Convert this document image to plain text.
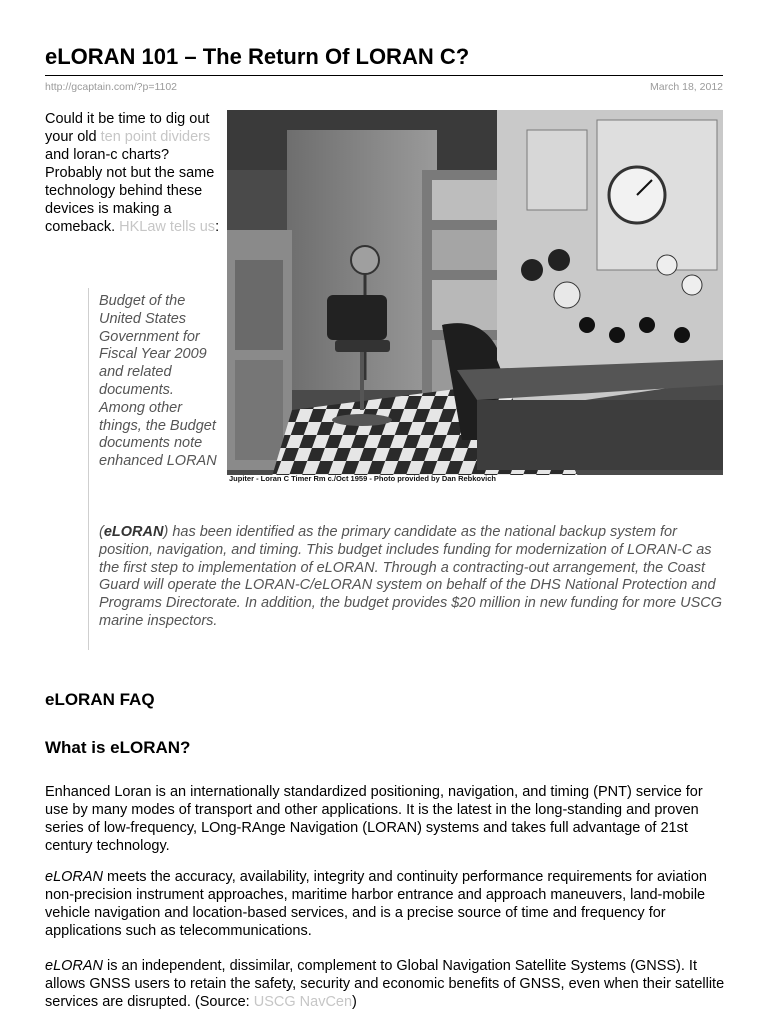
eLORAN 101 – The Return Of LORAN C?
http://gcaptain.com/?p=1102	March 18, 2012
Could it be time to dig out your old ten point dividers and loran-c charts? Probably not but the same technology behind these devices is making a comeback. HKLaw tells us:
Jupiter - Loran C Timer Rm c./Oct 1959 - Photo provided by Dan Rebkovich
Budget of the United States Government for Fiscal Year 2009 and related documents. Among other things, the Budget documents note enhanced LORAN
(eLORAN) has been identified as the primary candidate as the national backup system for position, navigation, and timing. This budget includes funding for modernization of LORAN-C as the first step to implementation of eLORAN. Through a contracting-out arrangement, the Coast Guard will operate the LORAN-C/eLORAN system on behalf of the DHS National Protection and Programs Directorate. In addition, the budget provides $20 million in new funding for more USCG marine inspectors.
eLORAN FAQ
What is eLORAN?
Enhanced Loran is an internationally standardized positioning, navigation, and timing (PNT) service for use by many modes of transport and other applications. It is the latest in the long-standing and proven series of low-frequency, LOng-RAnge Navigation (LORAN) systems and takes full advantage of 21st century technology.
eLORAN meets the accuracy, availability, integrity and continuity performance requirements for aviation non-precision instrument approaches, maritime harbor entrance and approach maneuvers, land-mobile vehicle navigation and location-based services, and is a precise source of time and frequency for applications such as telecommunications.
eLORAN is an independent, dissimilar, complement to Global Navigation Satellite Systems (GNSS). It allows GNSS users to retain the safety, security and economic benefits of GNSS, even when their satellite services are disrupted. (Source: USCG NavCen)
